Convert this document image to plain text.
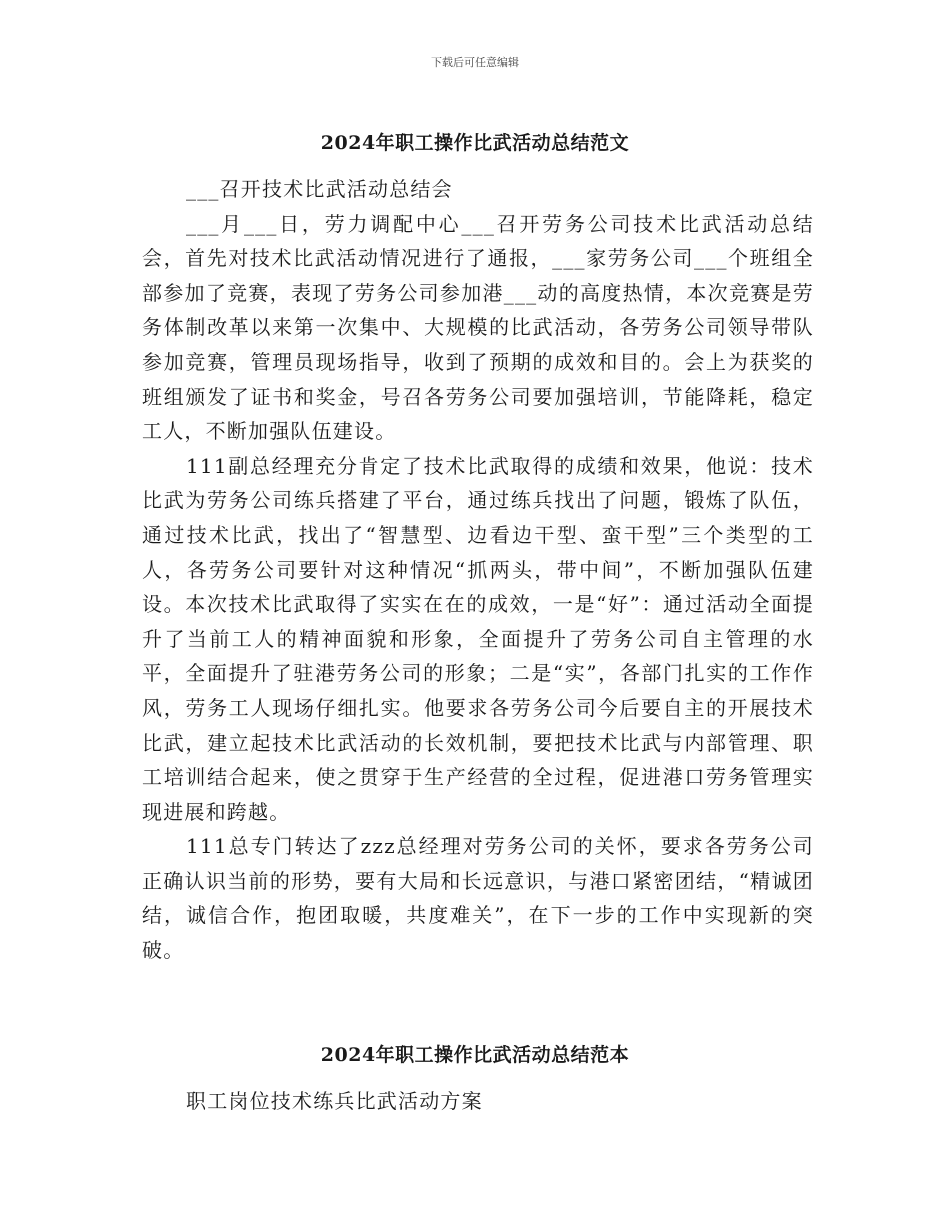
下载后可任意编辑
2024年职工操作比武活动总结范文

___召开技术比武活动总结会

___月___日，劳力调配中心___召开劳务公司技术比武活动总结会，首先对技术比武活动情况进行了通报，___家劳务公司___个班组全部参加了竞赛，表现了劳务公司参加港___动的高度热情，本次竞赛是劳务体制改革以来第一次集中、大规模的比武活动，各劳务公司领导带队参加竞赛，管理员现场指导，收到了预期的成效和目的。会上为获奖的班组颁发了证书和奖金，号召各劳务公司要加强培训，节能降耗，稳定工人，不断加强队伍建设。

111副总经理充分肯定了技术比武取得的成绩和效果，他说：技术比武为劳务公司练兵搭建了平台，通过练兵找出了问题，锻炼了队伍，通过技术比武，找出了“智慧型、边看边干型、蛮干型”三个类型的工人，各劳务公司要针对这种情况“抓两头，带中间”，不断加强队伍建设。本次技术比武取得了实实在在的成效，一是“好”：通过活动全面提升了当前工人的精神面貌和形象，全面提升了劳务公司自主管理的水平，全面提升了驻港劳务公司的形象；二是“实”，各部门扎实的工作作风，劳务工人现场仔细扎实。他要求各劳务公司今后要自主的开展技术比武，建立起技术比武活动的长效机制，要把技术比武与内部管理、职工培训结合起来，使之贯穿于生产经营的全过程，促进港口劳务管理实现进展和跨越。

111总专门转达了zzz总经理对劳务公司的关怀，要求各劳务公司正确认识当前的形势，要有大局和长远意识，与港口紧密团结，“精诚团结，诚信合作，抱团取暖，共度难关”，在下一步的工作中实现新的突破。

2024年职工操作比武活动总结范本

职工岗位技术练兵比武活动方案
